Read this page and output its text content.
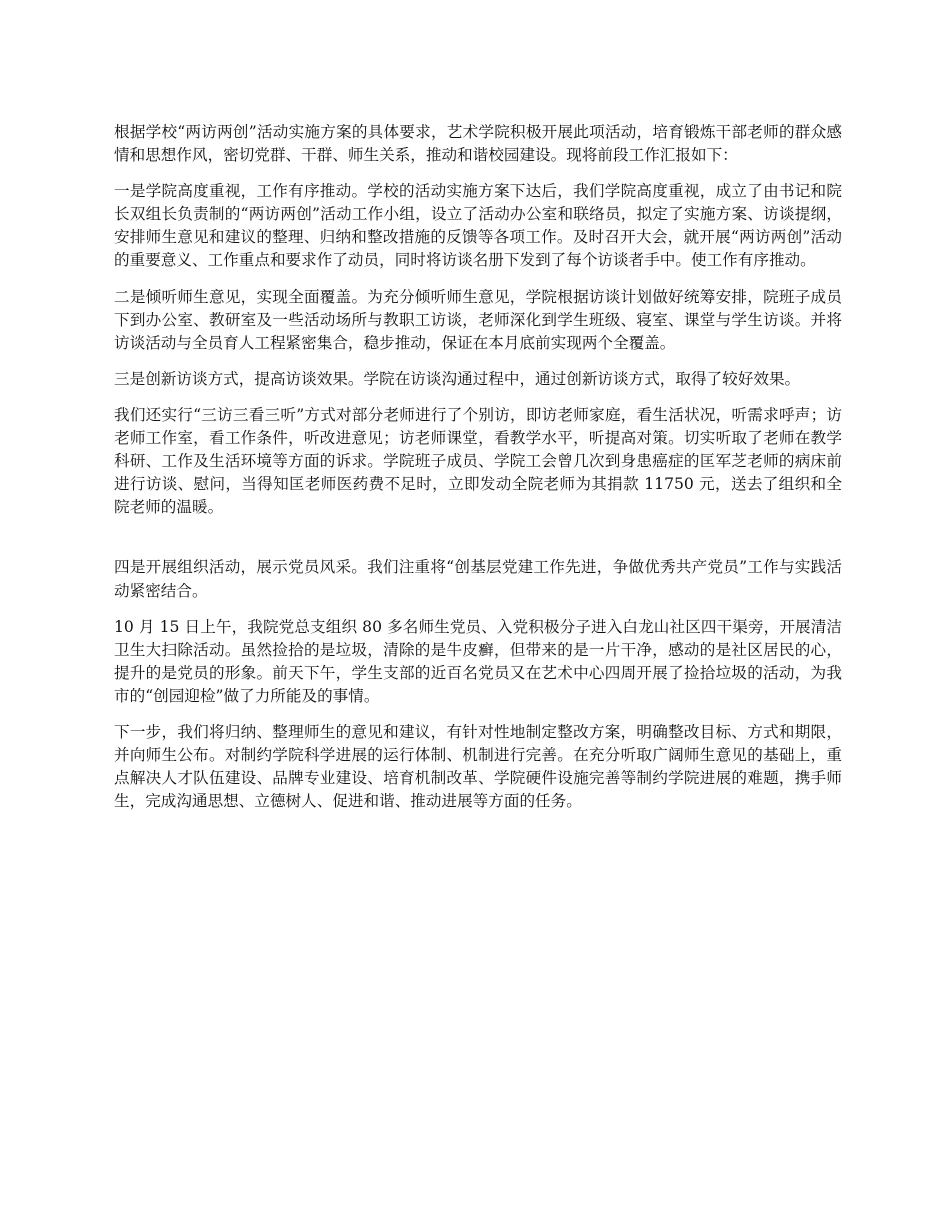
根据学校“两访两创”活动实施方案的具体要求，艺术学院积极开展此项活动，培育锻炼干部老师的群众感情和思想作风，密切党群、干群、师生关系，推动和谐校园建设。现将前段工作汇报如下：

一是学院高度重视，工作有序推动。学校的活动实施方案下达后，我们学院高度重视，成立了由书记和院长双组长负责制的“两访两创”活动工作小组，设立了活动办公室和联络员，拟定了实施方案、访谈提纲，安排师生意见和建议的整理、归纳和整改措施的反馈等各项工作。及时召开大会，就开展“两访两创”活动的重要意义、工作重点和要求作了动员，同时将访谈名册下发到了每个访谈者手中。使工作有序推动。

二是倾听师生意见，实现全面覆盖。为充分倾听师生意见，学院根据访谈计划做好统筹安排，院班子成员下到办公室、教研室及一些活动场所与教职工访谈，老师深化到学生班级、寝室、课堂与学生访谈。并将访谈活动与全员育人工程紧密集合，稳步推动，保证在本月底前实现两个全覆盖。

三是创新访谈方式，提高访谈效果。学院在访谈沟通过程中，通过创新访谈方式，取得了较好效果。

我们还实行“三访三看三听”方式对部分老师进行了个别访，即访老师家庭，看生活状况，听需求呼声；访老师工作室，看工作条件，听改进意见；访老师课堂，看教学水平，听提高对策。切实听取了老师在教学科研、工作及生活环境等方面的诉求。学院班子成员、学院工会曾几次到身患癌症的匡军芝老师的病床前进行访谈、慰问，当得知匡老师医药费不足时，立即发动全院老师为其捐款 11750 元，送去了组织和全院老师的温暖。

四是开展组织活动，展示党员风采。我们注重将“创基层党建工作先进，争做优秀共产党员”工作与实践活动紧密结合。

10 月 15 日上午，我院党总支组织 80 多名师生党员、入党积极分子进入白龙山社区四干渠旁，开展清洁卫生大扫除活动。虽然捡拾的是垃圾，清除的是牛皮癣，但带来的是一片干净，感动的是社区居民的心，提升的是党员的形象。前天下午，学生支部的近百名党员又在艺术中心四周开展了捡拾垃圾的活动，为我市的“创园迎检”做了力所能及的事情。

下一步，我们将归纳、整理师生的意见和建议，有针对性地制定整改方案，明确整改目标、方式和期限，并向师生公布。对制约学院科学进展的运行体制、机制进行完善。在充分听取广阔师生意见的基础上，重点解决人才队伍建设、品牌专业建设、培育机制改革、学院硬件设施完善等制约学院进展的难题，携手师生，完成沟通思想、立德树人、促进和谐、推动进展等方面的任务。
